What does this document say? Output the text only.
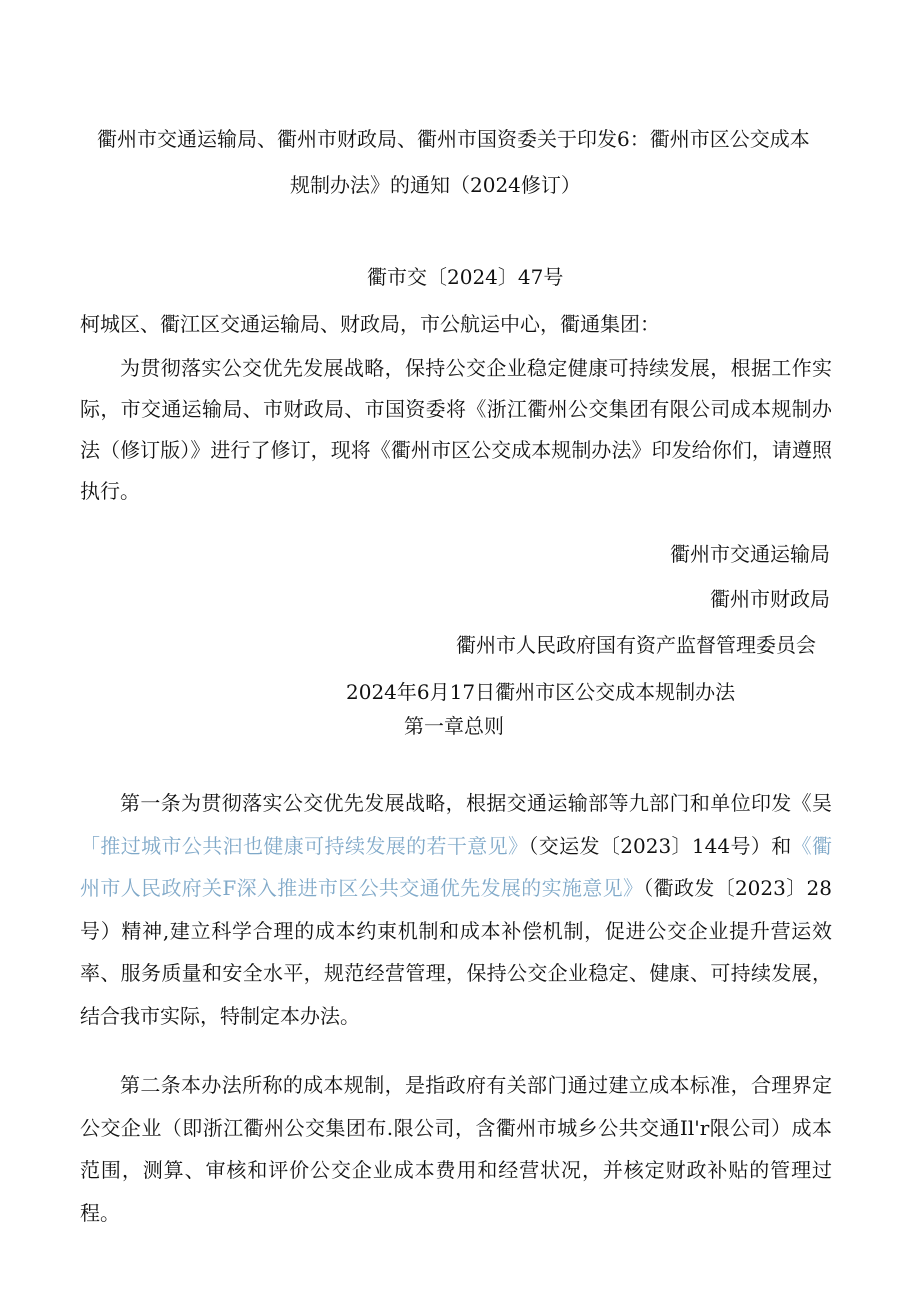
衢州市交通运输局、衢州市财政局、衢州市国资委关于印发6：衢州市区公交成本
规制办法》的通知（2024修订）
衢市交〔2024〕47号
柯城区、衢江区交通运输局、财政局，市公航运中心，衢通集团：
为贯彻落实公交优先发展战略，保持公交企业稳定健康可持续发展，根据工作实际，市交通运输局、市财政局、市国资委将《浙江衢州公交集团有限公司成本规制办法（修订版）》进行了修订，现将《衢州市区公交成本规制办法》印发给你们，请遵照执行。
衢州市交通运输局
衢州市财政局
衢州市人民政府国有资产监督管理委员会
2024年6月17日衢州市区公交成本规制办法
第一章总则
第一条为贯彻落实公交优先发展战略，根据交通运输部等九部门和单位印发《吴「推过城市公共汩也健康可持续发展的若干意见》（交运发〔2023〕144号）和《衢州市人民政府关F深入推进市区公共交通优先发展的实施意见》（衢政发〔2023〕28号）精神,建立科学合理的成本约束机制和成本补偿机制，促进公交企业提升营运效率、服务质量和安全水平，规范经营管理，保持公交企业稳定、健康、可持续发展，结合我市实际，特制定本办法。
第二条本办法所称的成本规制，是指政府有关部门通过建立成本标准，合理界定公交企业（即浙江衢州公交集团布.限公司，含衢州市城乡公共交通Il'r限公司）成本范围，测算、审核和评价公交企业成本费用和经营状况，并核定财政补贴的管理过程。
